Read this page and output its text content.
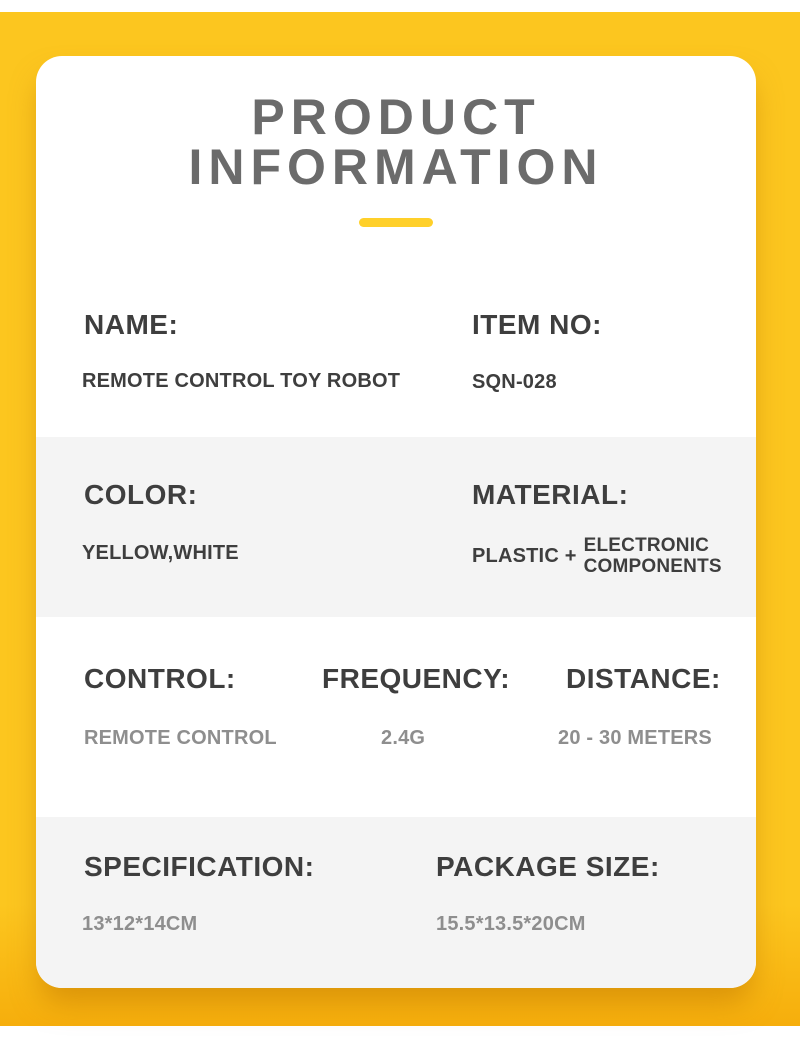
PRODUCT
INFORMATION
NAME:
REMOTE CONTROL TOY ROBOT
ITEM NO:
SQN-028
COLOR:
YELLOW,WHITE
MATERIAL:
PLASTIC + ELECTRONIC
COMPONENTS
CONTROL:
REMOTE CONTROL
FREQUENCY:
2.4G
DISTANCE:
20 - 30 METERS
SPECIFICATION:
13*12*14CM
PACKAGE SIZE:
15.5*13.5*20CM
